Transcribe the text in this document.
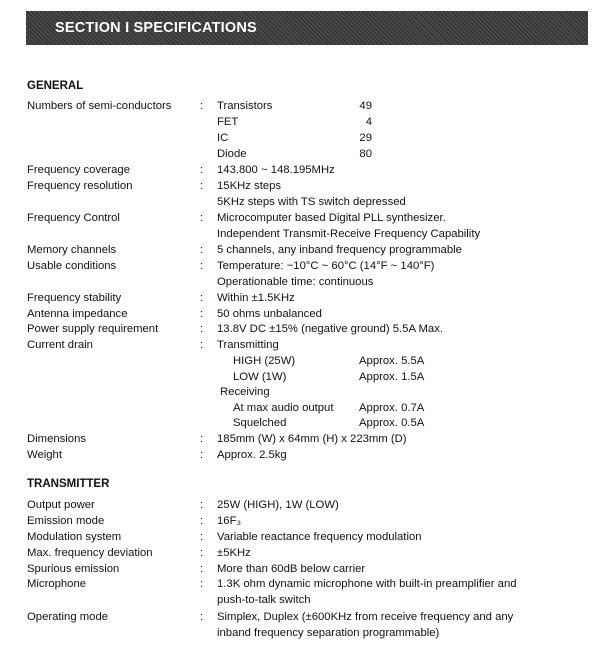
SECTION I SPECIFICATIONS
GENERAL
Numbers of semi-conductors	: Transistors	49
FET	4
IC	29
Diode	80
Frequency coverage	: 143.800 ~ 148.195MHz
Frequency resolution	: 15KHz steps
5KHz steps with TS switch depressed
Frequency Control	: Microcomputer based Digital PLL synthesizer.
Independent Transmit-Receive Frequency Capability
Memory channels	: 5 channels, any inband frequency programmable
Usable conditions	: Temperature: −10°C ~ 60°C (14°F ~ 140°F)
Operationable time: continuous
Frequency stability	: Within ±1.5KHz
Antenna impedance	: 50 ohms unbalanced
Power supply requirement	: 13.8V DC ±15% (negative ground) 5.5A Max.
Current drain	: Transmitting
HIGH (25W)	Approx. 5.5A
LOW (1W)	Approx. 1.5A
Receiving
At max audio output Approx. 0.7A
Squelched	Approx. 0.5A
Dimensions	: 185mm (W) x 64mm (H) x 223mm (D)
Weight	: Approx. 2.5kg
TRANSMITTER
Output power	: 25W (HIGH), 1W (LOW)
Emission mode	: 16F₃
Modulation system	: Variable reactance frequency modulation
Max. frequency deviation	: ±5KHz
Spurious emission	: More than 60dB below carrier
Microphone	: 1.3K ohm dynamic microphone with built-in preamplifier and
push-to-talk switch
Operating mode	: Simplex, Duplex (±600KHz from receive frequency and any
inband frequency separation programmable)
